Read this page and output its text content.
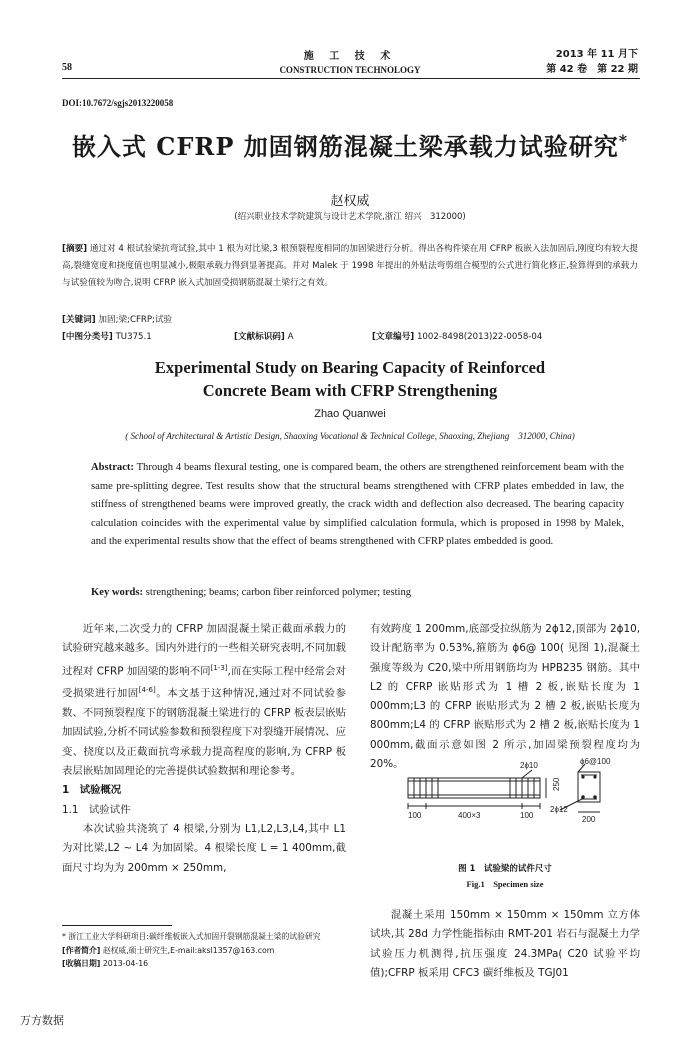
58
施 工 技 术
CONSTRUCTION TECHNOLOGY
2013 年 11 月下
第 42 卷　第 22 期
DOI:10.7672/sgjs2013220058
嵌入式 CFRP 加固钢筋混凝土梁承载力试验研究*
赵权威
(绍兴职业技术学院建筑与设计艺术学院,浙江 绍兴　312000)
[摘要] 通过对 4 根试验梁抗弯试验,其中 1 根为对比梁,3 根预裂程度相同的加固梁进行分析。得出各构件梁在用 CFRP 板嵌入法加固后,刚度均有较大提高,裂缝宽度和挠度值也明显减小,极限承载力得到显著提高。并对 Malek 于 1998 年提出的外贴法弯剪组合模型的公式进行简化修正,验算得到的承载力与试验值较为吻合,说明 CFRP 嵌入式加固受损钢筋混凝土梁行之有效。
[关键词] 加固;梁;CFRP;试验
[中图分类号] TU375.1	[文献标识码] A	[文章编号] 1002-8498(2013)22-0058-04
Experimental Study on Bearing Capacity of Reinforced
Concrete Beam with CFRP Strengthening
Zhao Quanwei
( School of Architectural & Artistic Design, Shaoxing Vocational & Technical College, Shaoxing, Zhejiang　312000, China)
Abstract: Through 4 beams flexural testing, one is compared beam, the others are strengthened reinforcement beam with the same pre-splitting degree. Test results show that the structural beams strengthened with CFRP plates embedded in law, the stiffness of strengthened beams were improved greatly, the crack width and deflection also decreased. The bearing capacity calculation coincides with the experimental value by simplified calculation formula, which is proposed in 1998 by Malek, and the experimental results show that the effect of beams strengthened with CFRP plates embedded is good.
Key words: strengthening; beams; carbon fiber reinforced polymer; testing

近年来,二次受力的 CFRP 加固混凝土梁正截面承载力的试验研究越来越多。国内外进行的一些相关研究表明,不同加载过程对 CFRP 加固梁的影响不同[1-3],而在实际工程中经常会对受损梁进行加固[4-6]。本文基于这种情况,通过对不同试验参数、不同预裂程度下的钢筋混凝土梁进行的 CFRP 板表层嵌贴加固试验,分析不同试验参数和预裂程度下对裂缝开展情况、应变、挠度以及正截面抗弯承载力提高程度的影响,为 CFRP 板表层嵌贴加固理论的完善提供试验数据和理论参考。

1　试验概况

1.1　试验试件

本次试验共浇筑了 4 根梁,分别为 L1,L2,L3,L4,其中 L1 为对比梁,L2 ~ L4 为加固梁。4 根梁长度 L = 1 400mm,截面尺寸均为为 200mm × 250mm,

有效跨度 1 200mm,底部受拉纵筋为 2ϕ12,顶部为 2ϕ10,设计配筋率为 0.53%,箍筋为 ϕ6@ 100( 见图 1),混凝土强度等级为 C20,梁中所用钢筋均为 HPB235 钢筋。其中 L2 的 CFRP 嵌贴形式为 1 槽 2 板,嵌贴长度为 1 000mm;L3 的 CFRP 嵌贴形式为 2 槽 2 板,嵌贴长度为 800mm;L4 的 CFRP 嵌贴形式为 2 槽 2 板,嵌贴长度为 1 000mm,截面示意如图 2 所示,加固梁预裂程度均为 20%。	2ϕ10	ϕ6@100
250
100	400×3	100
2ϕ12
200
图 1　试验梁的试件尺寸
Fig.1　Specimen size

混凝土采用 150mm × 150mm × 150mm 立方体试块,其 28d 力学性能指标由 RMT-201 岩石与混凝土力学试验压力机测得,抗压强度 24.3MPa( C20 试验平均值);CFRP 板采用 CFC3 碳纤维板及 TGJ01

* 浙江工业大学科研项目:碳纤维板嵌入式加固开裂钢筋混凝土梁的试验研究
[作者简介] 赵权威,硕士研究生,E-mail:aksl1357@163.com
[收稿日期] 2013-04-16
万方数据
